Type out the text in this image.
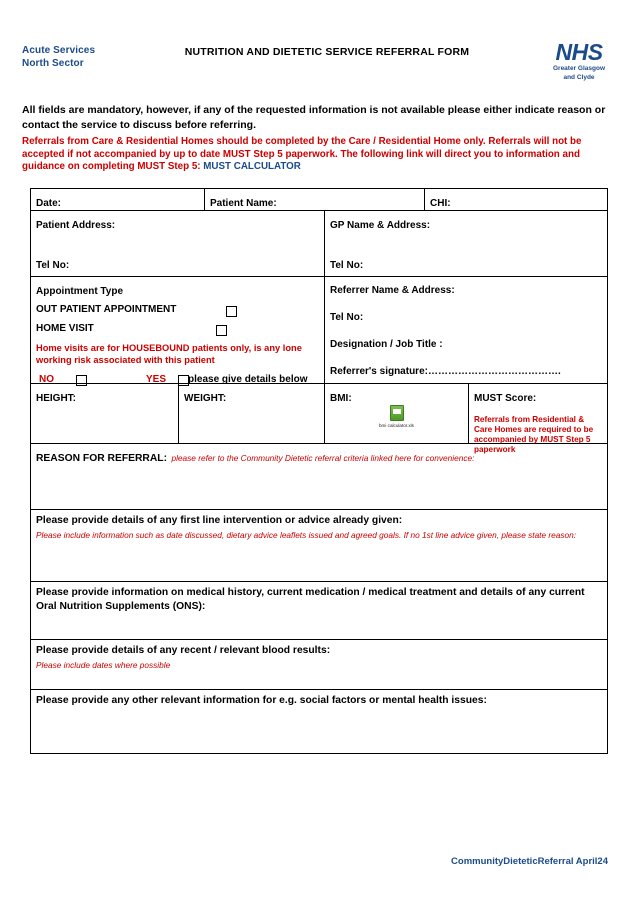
Acute Services
North Sector
NUTRITION AND DIETETIC SERVICE REFERRAL FORM	NHS
Greater Glasgow
and Clyde
All fields are mandatory, however, if any of the requested information is not available please either indicate reason or contact the service to discuss before referring.
Referrals from Care & Residential Homes should be completed by the Care / Residential Home only. Referrals will not be accepted if not accompanied by up to date MUST Step 5 paperwork. The following link will direct you to information and guidance on completing MUST Step 5: MUST CALCULATOR
Date:	Patient Name:	CHI:
Patient Address:
Tel No:
GP Name & Address:
Tel No:
Appointment Type
OUT PATIENT APPOINTMENT
HOME VISIT
Home visits are for HOUSEBOUND patients only, is any lone working risk associated with this patient
NO	YES please give details below
Referrer Name & Address:
Tel No:
Designation / Job Title :
Referrer's signature:………………………………….
HEIGHT:	WEIGHT:	BMI:
bmi calculator.xls
MUST Score:
Referrals from Residential & Care Homes are required to be accompanied by MUST Step 5 paperwork
REASON FOR REFERRAL: please refer to the Community Dietetic referral criteria linked here for convenience:
Please provide details of any first line intervention or advice already given:
Please include information such as date discussed, dietary advice leaflets issued and agreed goals. If no 1st line advice given, please state reason:
Please provide information on medical history, current medication / medical treatment and details of any current Oral Nutrition Supplements (ONS):
Please provide details of any recent / relevant blood results:
Please include dates where possible
Please provide any other relevant information for e.g. social factors or mental health issues:
CommunityDieteticReferral April24
